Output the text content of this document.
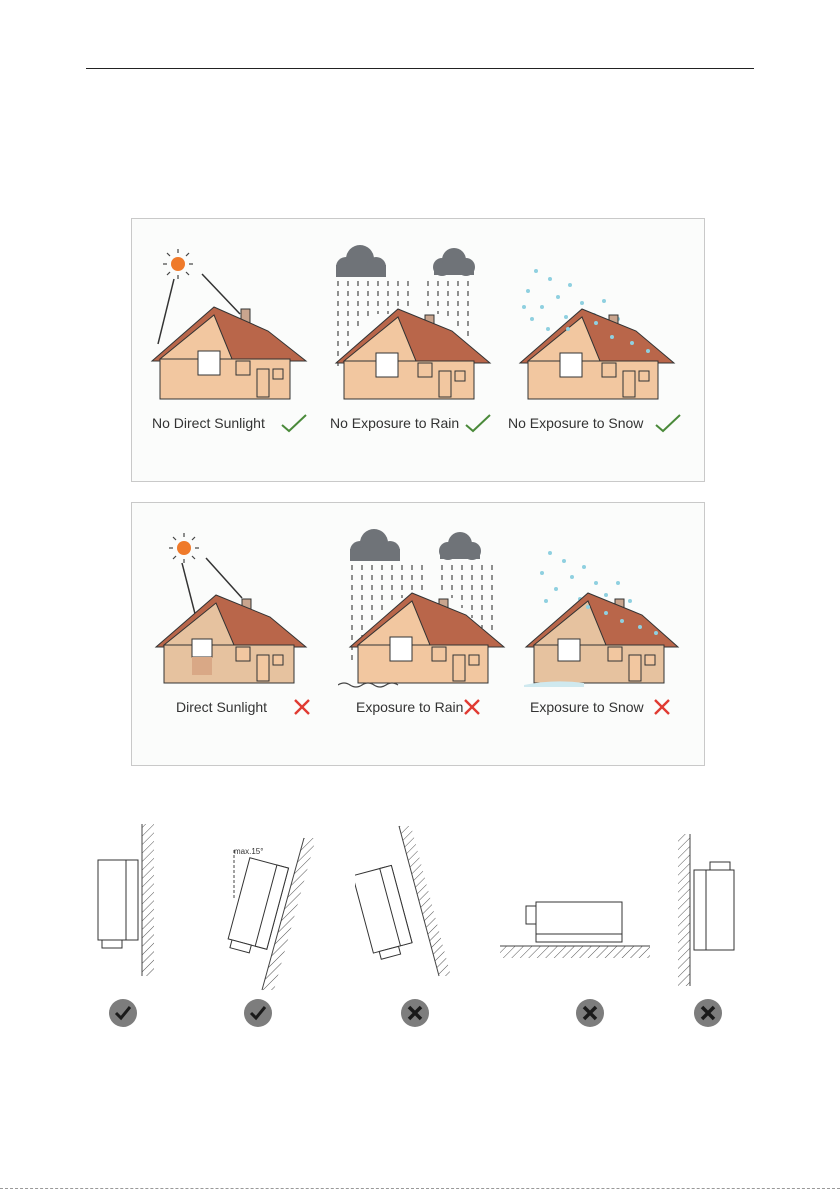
No Direct Sunlight	No Exposure to Rain	No Exposure to Snow
Direct Sunlight	Exposure to Rain	Exposure to Snow
max.15°
